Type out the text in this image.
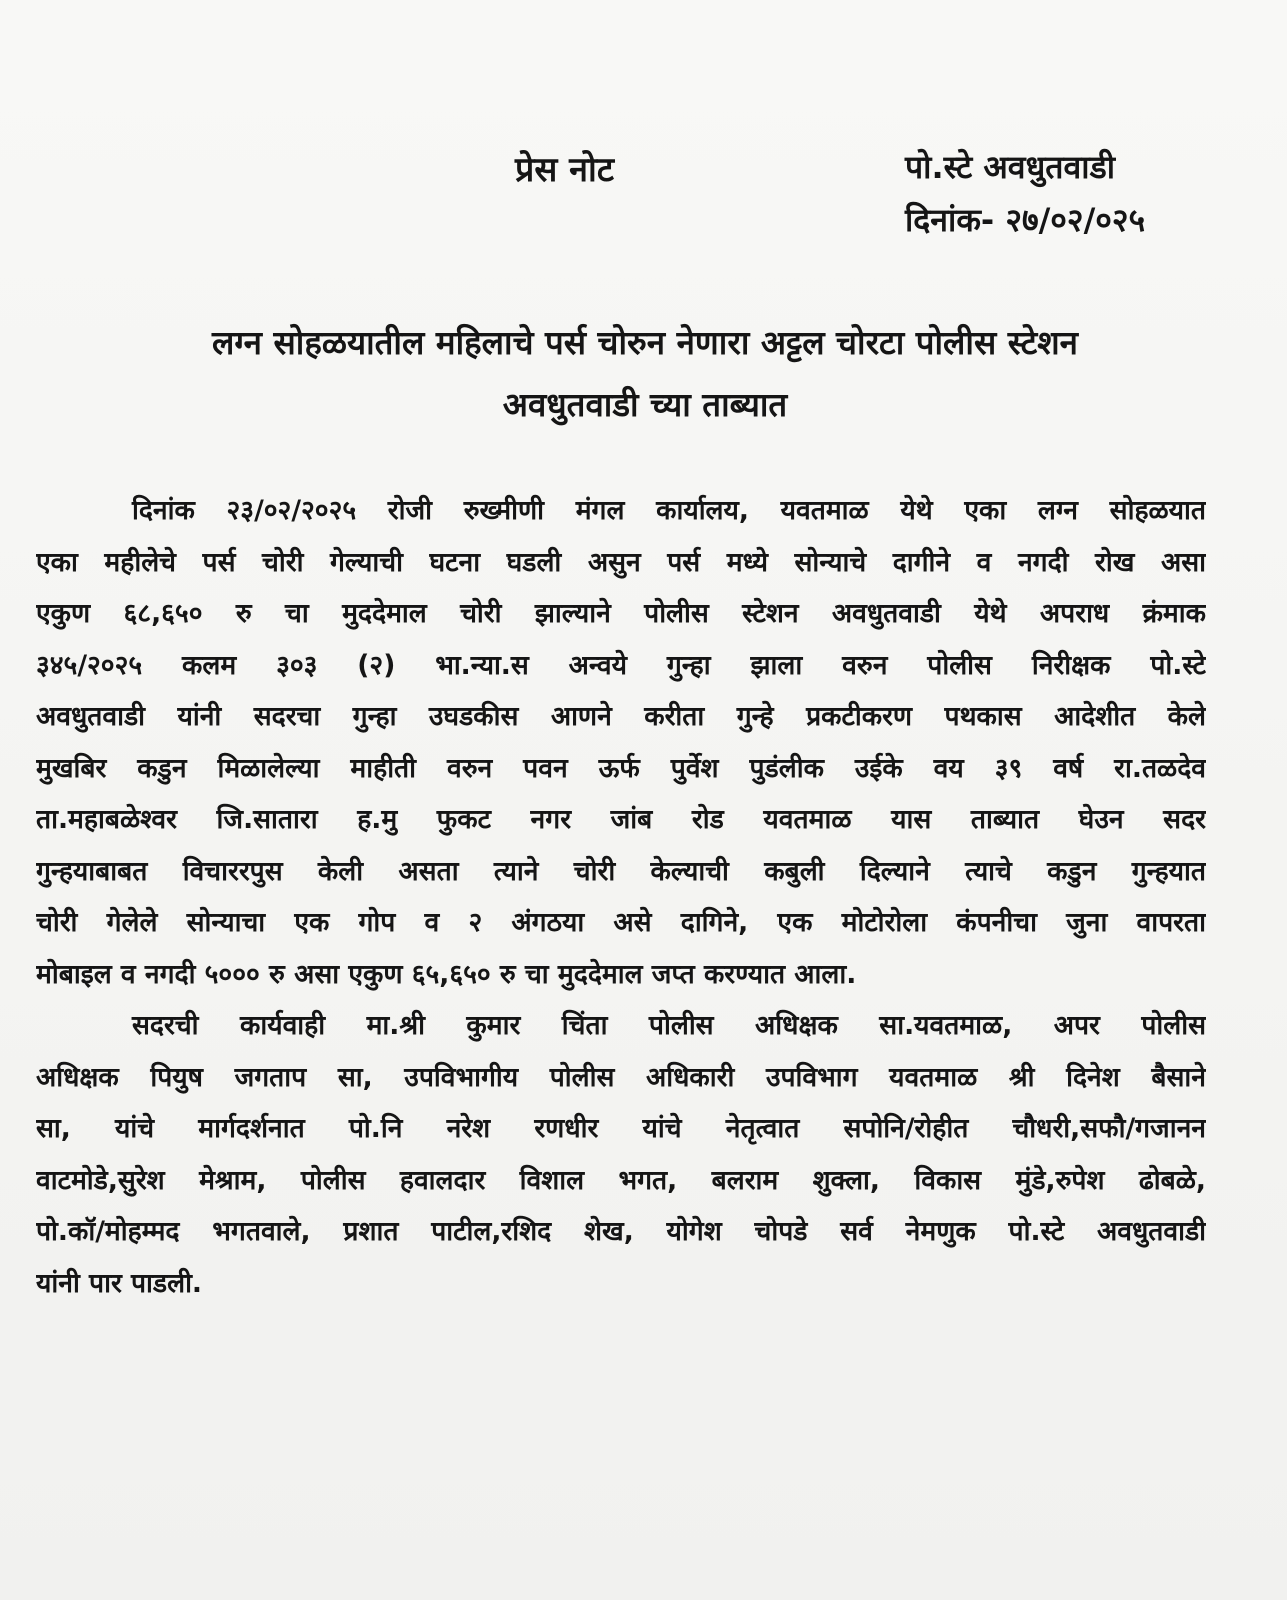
प्रेस नोट	पो.स्टे अवधुतवाडी
दिनांक- २७/०२/०२५
लग्न सोहळयातील महिलाचे पर्स चोरुन नेणारा अट्टल चोरटा पोलीस स्टेशन
अवधुतवाडी च्या ताब्यात
दिनांक २३/०२/२०२५ रोजी रुख्मीणी मंगल कार्यालय, यवतमाळ येथे एका लग्न सोहळयात
एका महीलेचे पर्स चोरी गेल्याची घटना घडली असुन पर्स मध्ये सोन्याचे दागीने व नगदी रोख असा
एकुण ६८,६५० रु चा मुददेमाल चोरी झाल्याने पोलीस स्टेशन अवधुतवाडी येथे अपराध क्रंमाक
३४५/२०२५ कलम ३०३ (२) भा.न्या.स अन्वये गुन्हा झाला वरुन पोलीस निरीक्षक पो.स्टे
अवधुतवाडी यांनी सदरचा गुन्हा उघडकीस आणने करीता गुन्हे प्रकटीकरण पथकास आदेशीत केले
मुखबिर कडुन मिळालेल्या माहीती वरुन पवन ऊर्फ पुर्वेश पुडंलीक उईके वय ३९ वर्ष रा.तळदेव
ता.महाबळेश्वर जि.सातारा ह.मु फुकट नगर जांब रोड यवतमाळ यास ताब्यात घेउन सदर
गुन्हयाबाबत विचाररपुस केली असता त्याने चोरी केल्याची कबुली दिल्याने त्याचे कडुन गुन्हयात
चोरी गेलेले सोन्याचा एक गोप व २ अंगठया असे दागिने, एक मोटोरोला कंपनीचा जुना वापरता
मोबाइल व नगदी ५००० रु असा एकुण ६५,६५० रु चा मुददेमाल जप्त करण्यात आला.
सदरची कार्यवाही मा.श्री कुमार चिंता पोलीस अधिक्षक सा.यवतमाळ, अपर पोलीस
अधिक्षक पियुष जगताप सा, उपविभागीय पोलीस अधिकारी उपविभाग यवतमाळ श्री दिनेश बैसाने
सा, यांचे मार्गदर्शनात पो.नि नरेश रणधीर यांचे नेतृत्वात सपोनि/रोहीत चौधरी,सफौ/गजानन
वाटमोडे,सुरेश मेश्राम, पोलीस हवालदार विशाल भगत, बलराम शुक्ला, विकास मुंडे,रुपेश ढोबळे,
पो.कॉ/मोहम्मद भगतवाले, प्रशात पाटील,रशिद शेख, योगेश चोपडे सर्व नेमणुक पो.स्टे अवधुतवाडी
यांनी पार पाडली.
